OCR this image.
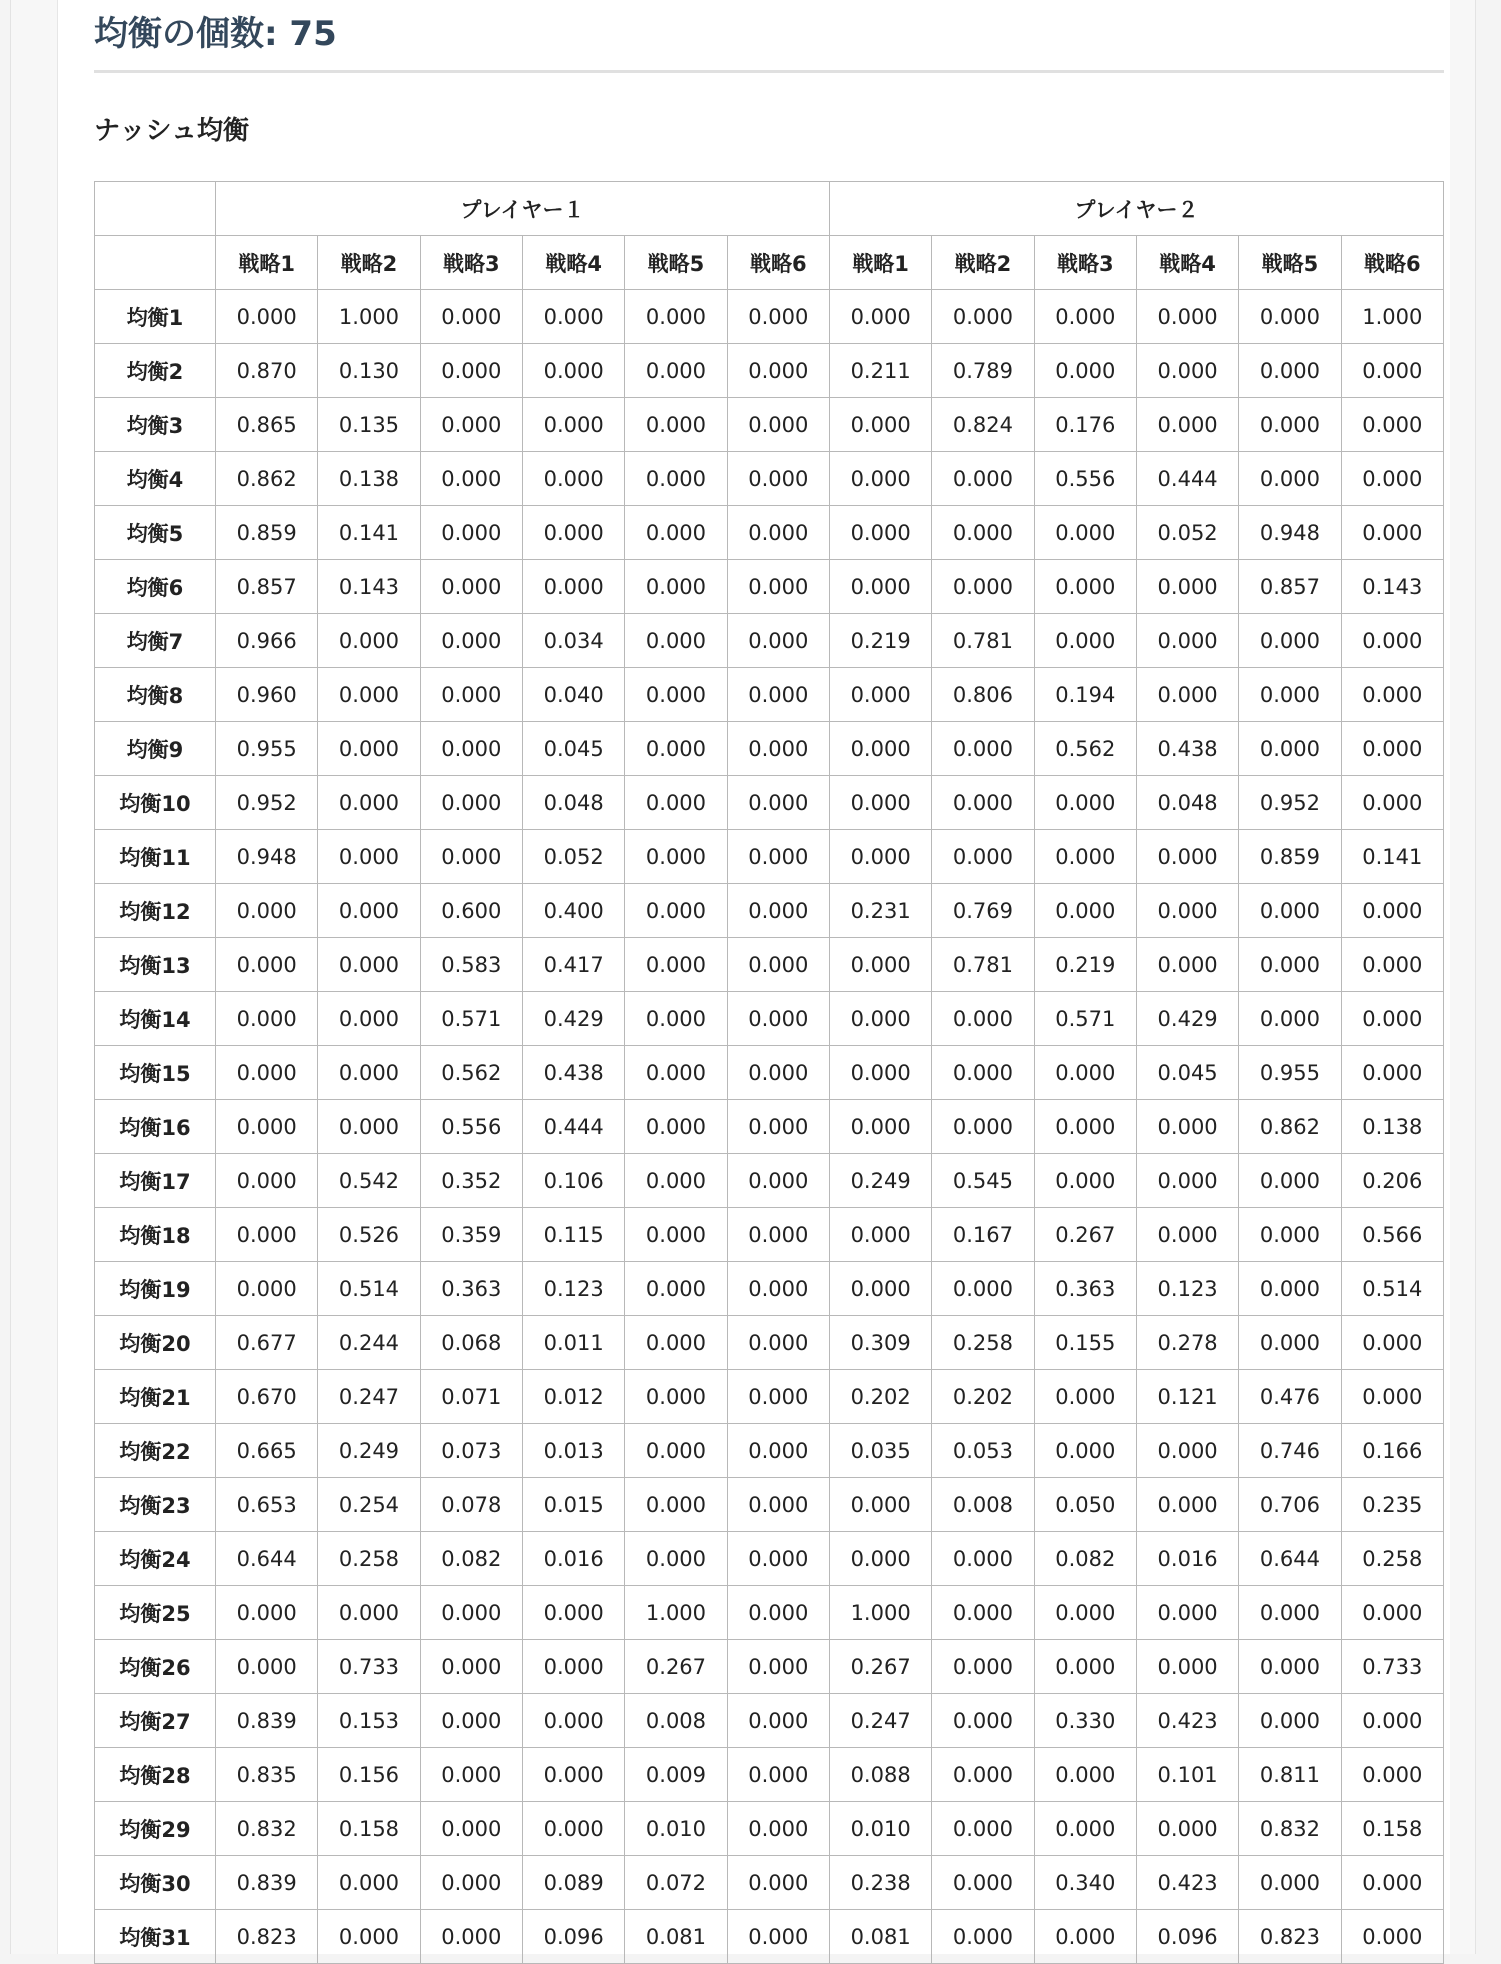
均衡の個数: 75
ナッシュ均衡
	プレイヤー１						プレイヤー２					
	戦略1	戦略2	戦略3	戦略4	戦略5	戦略6	戦略1	戦略2	戦略3	戦略4	戦略5	戦略6
均衡1	0.000	1.000	0.000	0.000	0.000	0.000	0.000	0.000	0.000	0.000	0.000	1.000
均衡2	0.870	0.130	0.000	0.000	0.000	0.000	0.211	0.789	0.000	0.000	0.000	0.000
均衡3	0.865	0.135	0.000	0.000	0.000	0.000	0.000	0.824	0.176	0.000	0.000	0.000
均衡4	0.862	0.138	0.000	0.000	0.000	0.000	0.000	0.000	0.556	0.444	0.000	0.000
均衡5	0.859	0.141	0.000	0.000	0.000	0.000	0.000	0.000	0.000	0.052	0.948	0.000
均衡6	0.857	0.143	0.000	0.000	0.000	0.000	0.000	0.000	0.000	0.000	0.857	0.143
均衡7	0.966	0.000	0.000	0.034	0.000	0.000	0.219	0.781	0.000	0.000	0.000	0.000
均衡8	0.960	0.000	0.000	0.040	0.000	0.000	0.000	0.806	0.194	0.000	0.000	0.000
均衡9	0.955	0.000	0.000	0.045	0.000	0.000	0.000	0.000	0.562	0.438	0.000	0.000
均衡10	0.952	0.000	0.000	0.048	0.000	0.000	0.000	0.000	0.000	0.048	0.952	0.000
均衡11	0.948	0.000	0.000	0.052	0.000	0.000	0.000	0.000	0.000	0.000	0.859	0.141
均衡12	0.000	0.000	0.600	0.400	0.000	0.000	0.231	0.769	0.000	0.000	0.000	0.000
均衡13	0.000	0.000	0.583	0.417	0.000	0.000	0.000	0.781	0.219	0.000	0.000	0.000
均衡14	0.000	0.000	0.571	0.429	0.000	0.000	0.000	0.000	0.571	0.429	0.000	0.000
均衡15	0.000	0.000	0.562	0.438	0.000	0.000	0.000	0.000	0.000	0.045	0.955	0.000
均衡16	0.000	0.000	0.556	0.444	0.000	0.000	0.000	0.000	0.000	0.000	0.862	0.138
均衡17	0.000	0.542	0.352	0.106	0.000	0.000	0.249	0.545	0.000	0.000	0.000	0.206
均衡18	0.000	0.526	0.359	0.115	0.000	0.000	0.000	0.167	0.267	0.000	0.000	0.566
均衡19	0.000	0.514	0.363	0.123	0.000	0.000	0.000	0.000	0.363	0.123	0.000	0.514
均衡20	0.677	0.244	0.068	0.011	0.000	0.000	0.309	0.258	0.155	0.278	0.000	0.000
均衡21	0.670	0.247	0.071	0.012	0.000	0.000	0.202	0.202	0.000	0.121	0.476	0.000
均衡22	0.665	0.249	0.073	0.013	0.000	0.000	0.035	0.053	0.000	0.000	0.746	0.166
均衡23	0.653	0.254	0.078	0.015	0.000	0.000	0.000	0.008	0.050	0.000	0.706	0.235
均衡24	0.644	0.258	0.082	0.016	0.000	0.000	0.000	0.000	0.082	0.016	0.644	0.258
均衡25	0.000	0.000	0.000	0.000	1.000	0.000	1.000	0.000	0.000	0.000	0.000	0.000
均衡26	0.000	0.733	0.000	0.000	0.267	0.000	0.267	0.000	0.000	0.000	0.000	0.733
均衡27	0.839	0.153	0.000	0.000	0.008	0.000	0.247	0.000	0.330	0.423	0.000	0.000
均衡28	0.835	0.156	0.000	0.000	0.009	0.000	0.088	0.000	0.000	0.101	0.811	0.000
均衡29	0.832	0.158	0.000	0.000	0.010	0.000	0.010	0.000	0.000	0.000	0.832	0.158
均衡30	0.839	0.000	0.000	0.089	0.072	0.000	0.238	0.000	0.340	0.423	0.000	0.000
均衡31	0.823	0.000	0.000	0.096	0.081	0.000	0.081	0.000	0.000	0.096	0.823	0.000
